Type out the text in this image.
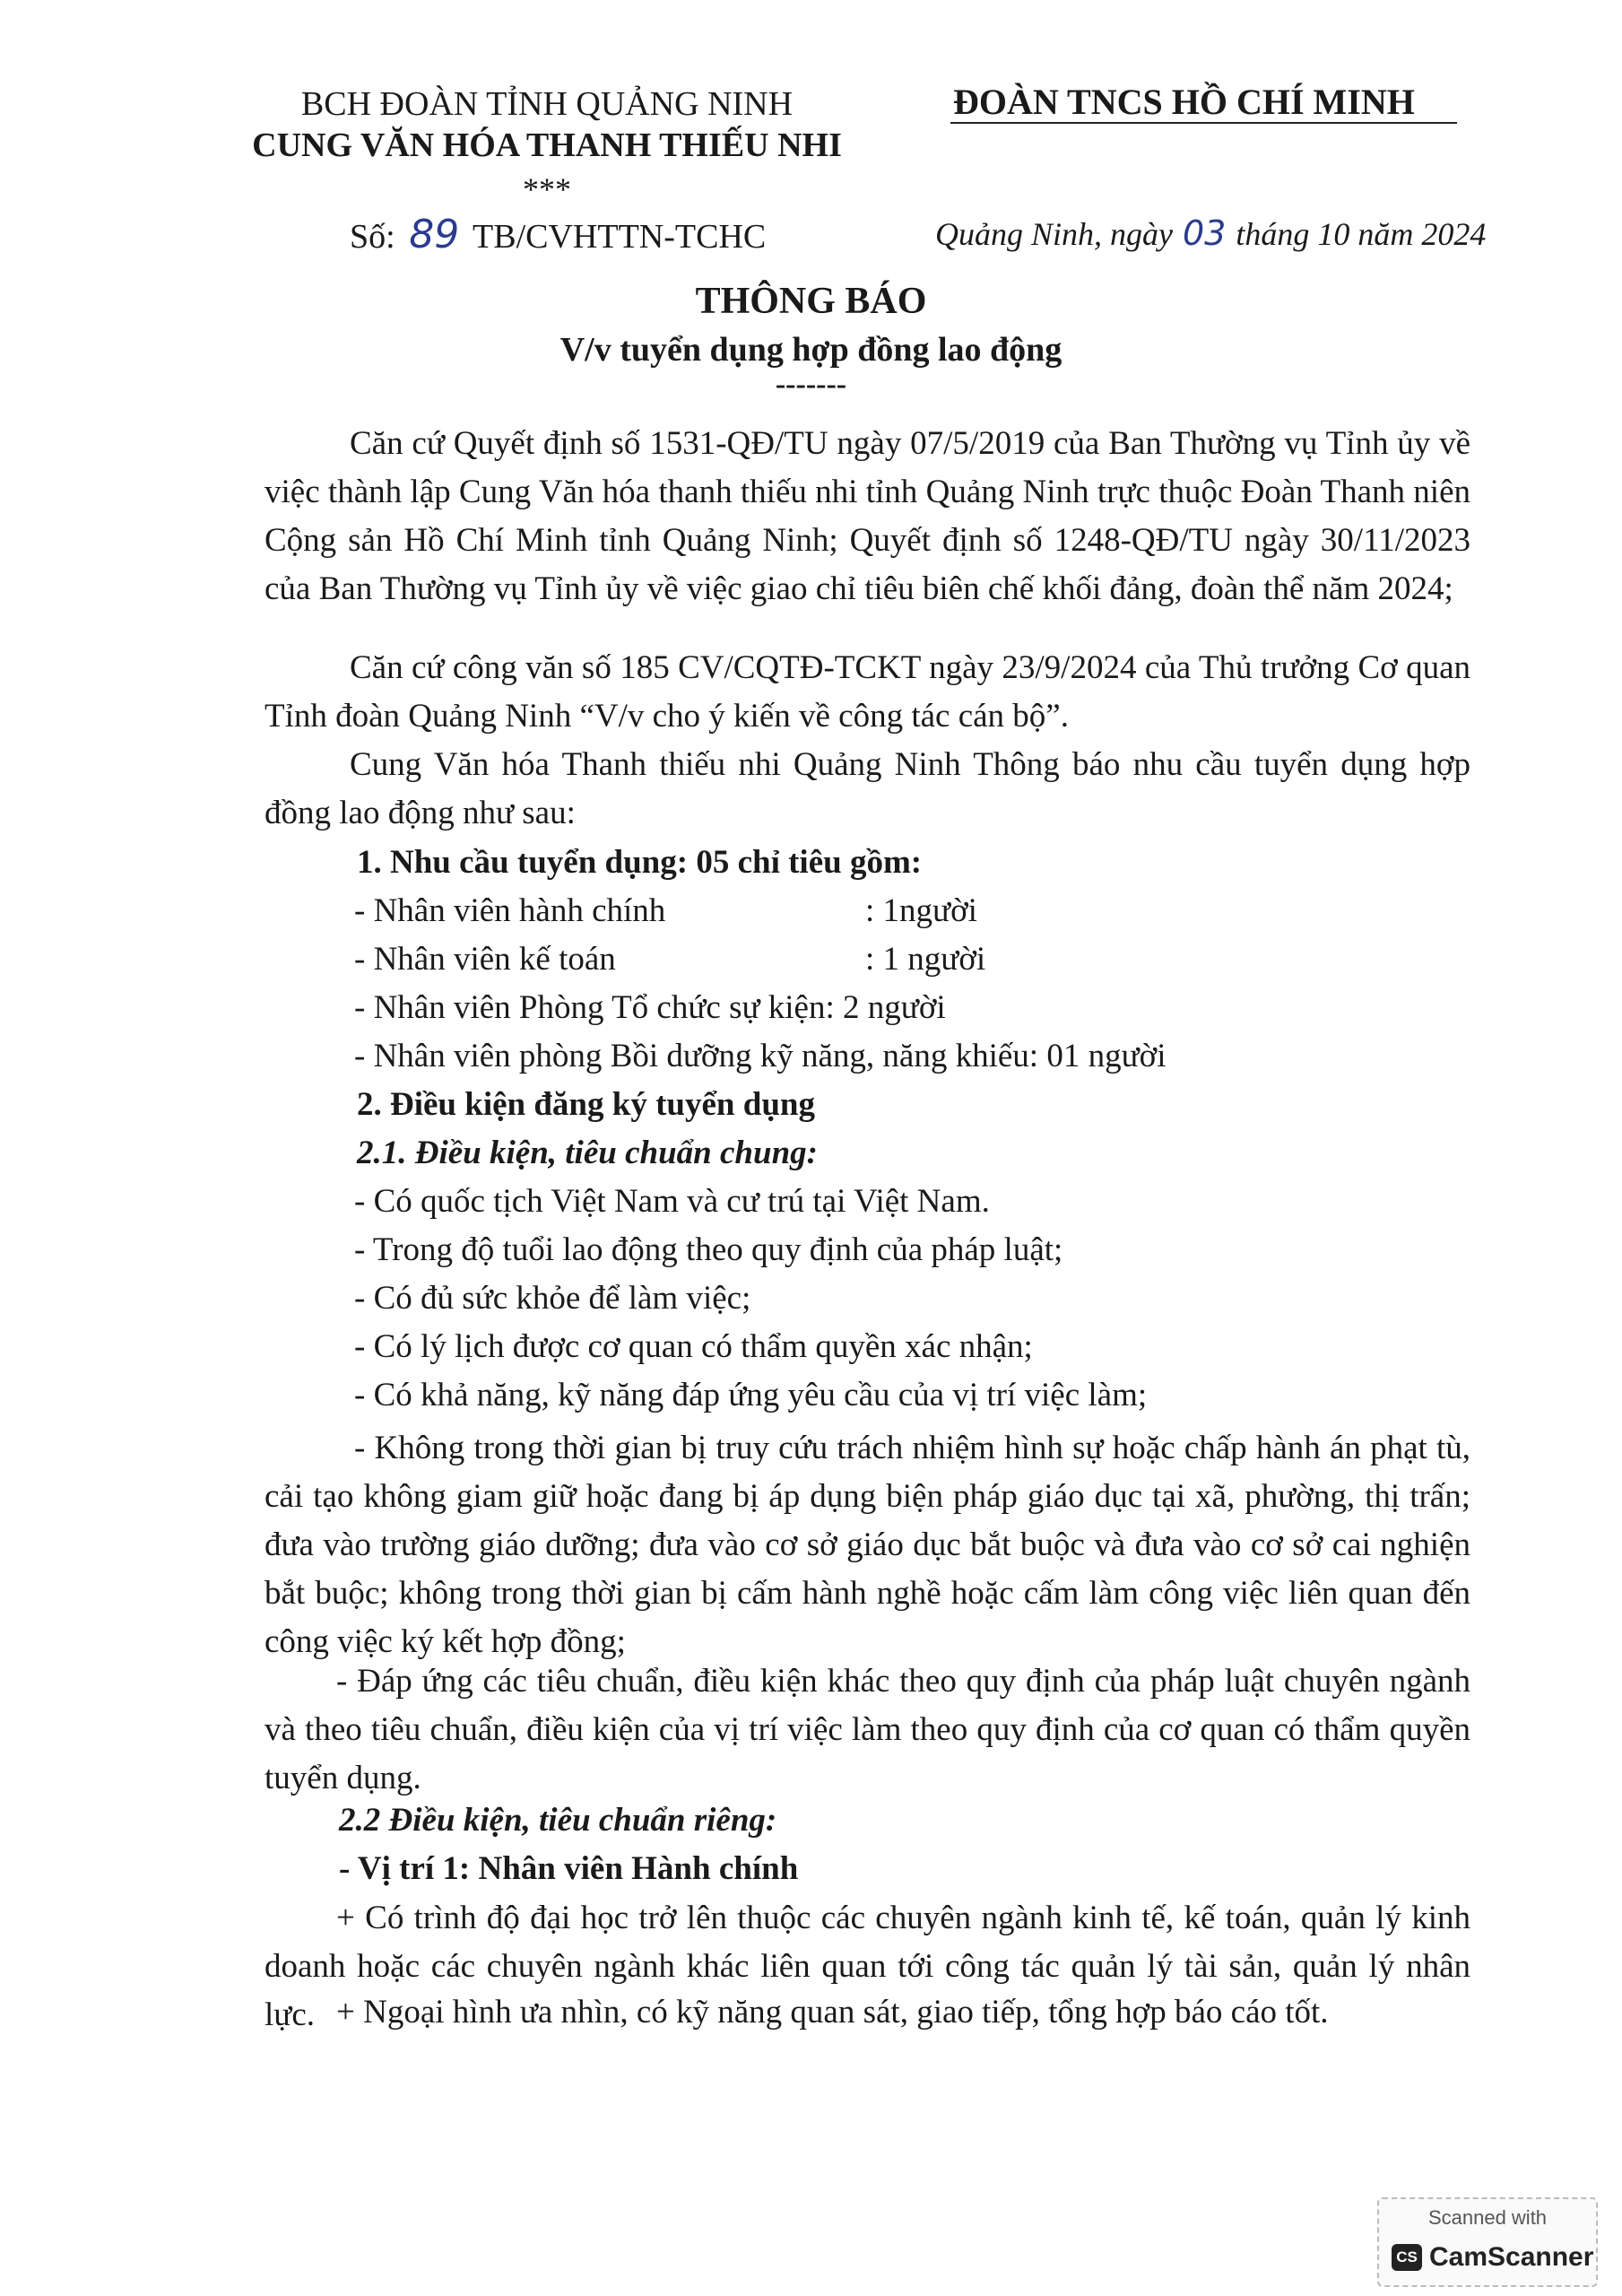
BCH ĐOÀN TỈNH QUẢNG NINH
CUNG VĂN HÓA THANH THIẾU NHI
***
ĐOÀN TNCS HỒ CHÍ MINH
Số: 89 TB/CVHTTN-TCHC	Quảng Ninh, ngày 03 tháng 10 năm 2024
THÔNG BÁO
V/v tuyển dụng hợp đồng lao động
-------
Căn cứ Quyết định số 1531-QĐ/TU ngày 07/5/2019 của Ban Thường vụ Tỉnh ủy về việc thành lập Cung Văn hóa thanh thiếu nhi tỉnh Quảng Ninh trực thuộc Đoàn Thanh niên Cộng sản Hồ Chí Minh tỉnh Quảng Ninh; Quyết định số 1248-QĐ/TU ngày 30/11/2023 của Ban Thường vụ Tỉnh ủy về việc giao chỉ tiêu biên chế khối đảng, đoàn thể năm 2024;
Căn cứ công văn số 185 CV/CQTĐ-TCKT ngày 23/9/2024 của Thủ trưởng Cơ quan Tỉnh đoàn Quảng Ninh “V/v cho ý kiến về công tác cán bộ”.
Cung Văn hóa Thanh thiếu nhi Quảng Ninh Thông báo nhu cầu tuyển dụng hợp đồng lao động như sau:
1. Nhu cầu tuyển dụng: 05 chỉ tiêu gồm:
- Nhân viên hành chính	: 1người
- Nhân viên kế toán	: 1 người
- Nhân viên Phòng Tổ chức sự kiện: 2 người
- Nhân viên phòng Bồi dưỡng kỹ năng, năng khiếu: 01 người
2. Điều kiện đăng ký tuyển dụng
2.1. Điều kiện, tiêu chuẩn chung:
- Có quốc tịch Việt Nam và cư trú tại Việt Nam.
- Trong độ tuổi lao động theo quy định của pháp luật;
- Có đủ sức khỏe để làm việc;
- Có lý lịch được cơ quan có thẩm quyền xác nhận;
- Có khả năng, kỹ năng đáp ứng yêu cầu của vị trí việc làm;
- Không trong thời gian bị truy cứu trách nhiệm hình sự hoặc chấp hành án phạt tù, cải tạo không giam giữ hoặc đang bị áp dụng biện pháp giáo dục tại xã, phường, thị trấn; đưa vào trường giáo dưỡng; đưa vào cơ sở giáo dục bắt buộc và đưa vào cơ sở cai nghiện bắt buộc; không trong thời gian bị cấm hành nghề hoặc cấm làm công việc liên quan đến công việc ký kết hợp đồng;
- Đáp ứng các tiêu chuẩn, điều kiện khác theo quy định của pháp luật chuyên ngành và theo tiêu chuẩn, điều kiện của vị trí việc làm theo quy định của cơ quan có thẩm quyền tuyển dụng.
2.2 Điều kiện, tiêu chuẩn riêng:
- Vị trí 1: Nhân viên Hành chính
+ Có trình độ đại học trở lên thuộc các chuyên ngành kinh tế, kế toán, quản lý kinh doanh hoặc các chuyên ngành khác liên quan tới công tác quản lý tài sản, quản lý nhân lực. + Ngoại hình ưa nhìn, có kỹ năng quan sát, giao tiếp, tổng hợp báo cáo tốt.
Scanned with
CS CamScanner
